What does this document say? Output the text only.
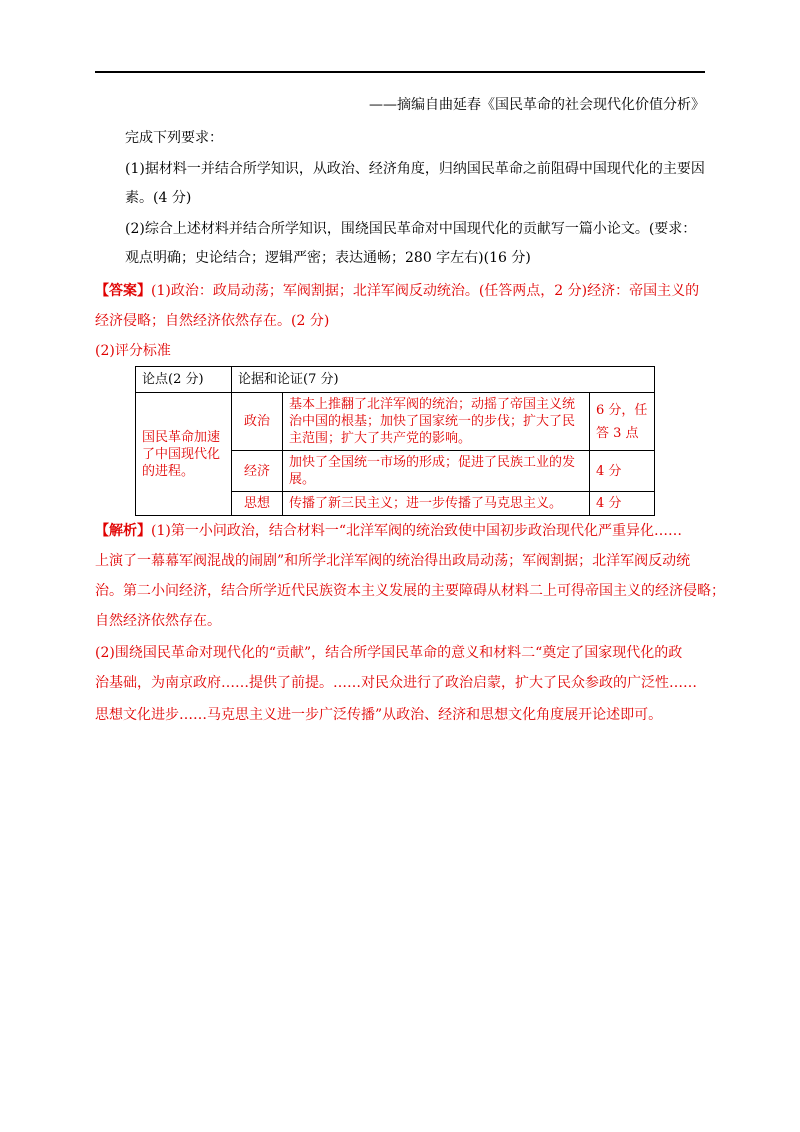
——摘编自曲延春《国民革命的社会现代化价值分析》
完成下列要求：
(1)据材料一并结合所学知识，从政治、经济角度，归纳国民革命之前阻碍中国现代化的主要因
素。(4 分)
(2)综合上述材料并结合所学知识，围绕国民革命对中国现代化的贡献写一篇小论文。(要求：
观点明确；史论结合；逻辑严密；表达通畅；280 字左右)(16 分)
【答案】(1)政治：政局动荡；军阀割据；北洋军阀反动统治。(任答两点，2 分)经济：帝国主义的
经济侵略；自然经济依然存在。(2 分)
(2)评分标准
论点(2 分)	论据和论证(7 分)		
国民革命加速了中国现代化的进程。	政治	基本上推翻了北洋军阀的统治；动摇了帝国主义统治中国的根基；加快了国家统一的步伐；扩大了民主范围；扩大了共产党的影响。	6 分，任答 3 点
	经济	加快了全国统一市场的形成；促进了民族工业的发展。	4 分
	思想	传播了新三民主义；进一步传播了马克思主义。	4 分
【解析】(1)第一小问政治，结合材料一“北洋军阀的统治致使中国初步政治现代化严重异化……
上演了一幕幕军阀混战的闹剧”和所学北洋军阀的统治得出政局动荡；军阀割据；北洋军阀反动统
治。第二小问经济，结合所学近代民族资本主义发展的主要障碍从材料二上可得帝国主义的经济侵略；
自然经济依然存在。
(2)围绕国民革命对现代化的“贡献”，结合所学国民革命的意义和材料二“奠定了国家现代化的政
治基础，为南京政府……提供了前提。……对民众进行了政治启蒙，扩大了民众参政的广泛性……
思想文化进步……马克思主义进一步广泛传播”从政治、经济和思想文化角度展开论述即可。
